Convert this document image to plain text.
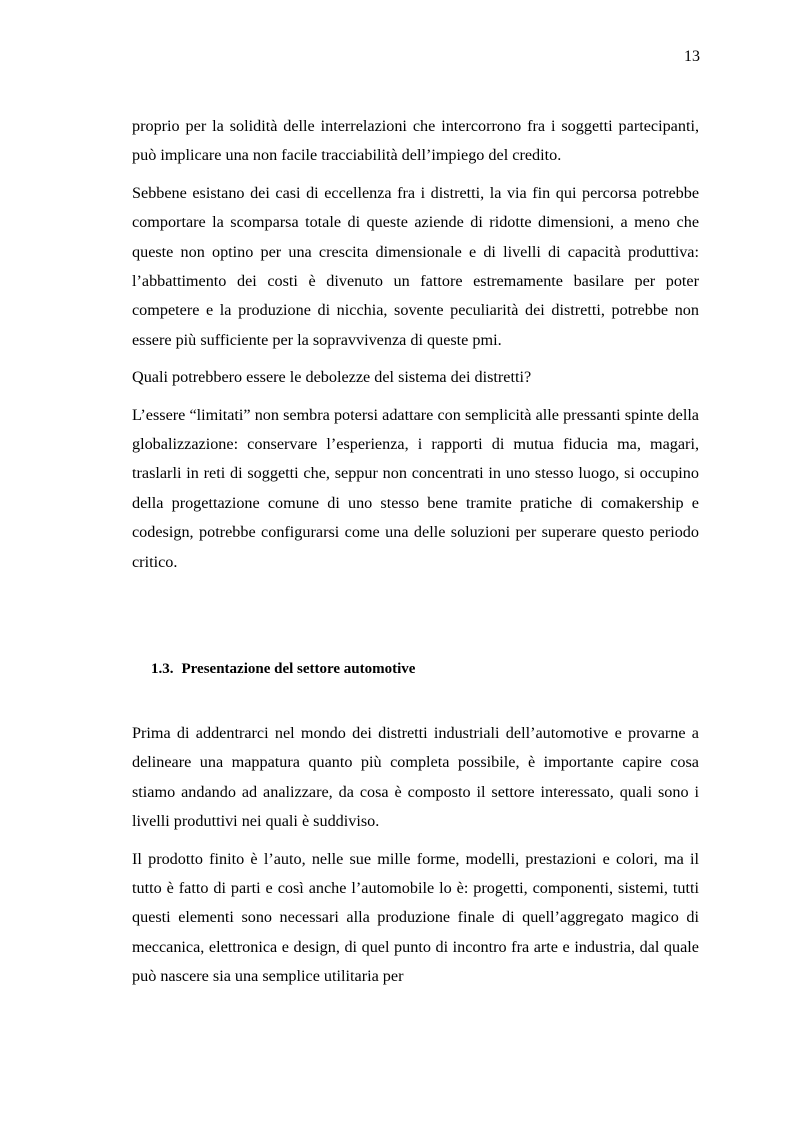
13

proprio per la solidità delle interrelazioni che intercorrono fra i soggetti partecipanti, può implicare una non facile tracciabilità dell’impiego del credito.

Sebbene esistano dei casi di eccellenza fra i distretti, la via fin qui percorsa potrebbe comportare la scomparsa totale di queste aziende di ridotte dimensioni, a meno che queste non optino per una crescita dimensionale e di livelli di capacità produttiva: l’abbattimento dei costi è divenuto un fattore estremamente basilare per poter competere e la produzione di nicchia, sovente peculiarità dei distretti, potrebbe non essere più sufficiente per la sopravvivenza di queste pmi.

Quali potrebbero essere le debolezze del sistema dei distretti?

L’essere “limitati” non sembra potersi adattare con semplicità alle pressanti spinte della globalizzazione: conservare l’esperienza, i rapporti di mutua fiducia ma, magari, traslarli in reti di soggetti che, seppur non concentrati in uno stesso luogo, si occupino della progettazione comune di uno stesso bene tramite pratiche di comakership e codesign, potrebbe configurarsi come una delle soluzioni per superare questo periodo critico.

1.3. Presentazione del settore automotive

Prima di addentrarci nel mondo dei distretti industriali dell’automotive e provarne a delineare una mappatura quanto più completa possibile, è importante capire cosa stiamo andando ad analizzare, da cosa è composto il settore interessato, quali sono i livelli produttivi nei quali è suddiviso.

Il prodotto finito è l’auto, nelle sue mille forme, modelli, prestazioni e colori, ma il tutto è fatto di parti e così anche l’automobile lo è: progetti, componenti, sistemi, tutti questi elementi sono necessari alla produzione finale di quell’aggregato magico di meccanica, elettronica e design, di quel punto di incontro fra arte e industria, dal quale può nascere sia una semplice utilitaria per
